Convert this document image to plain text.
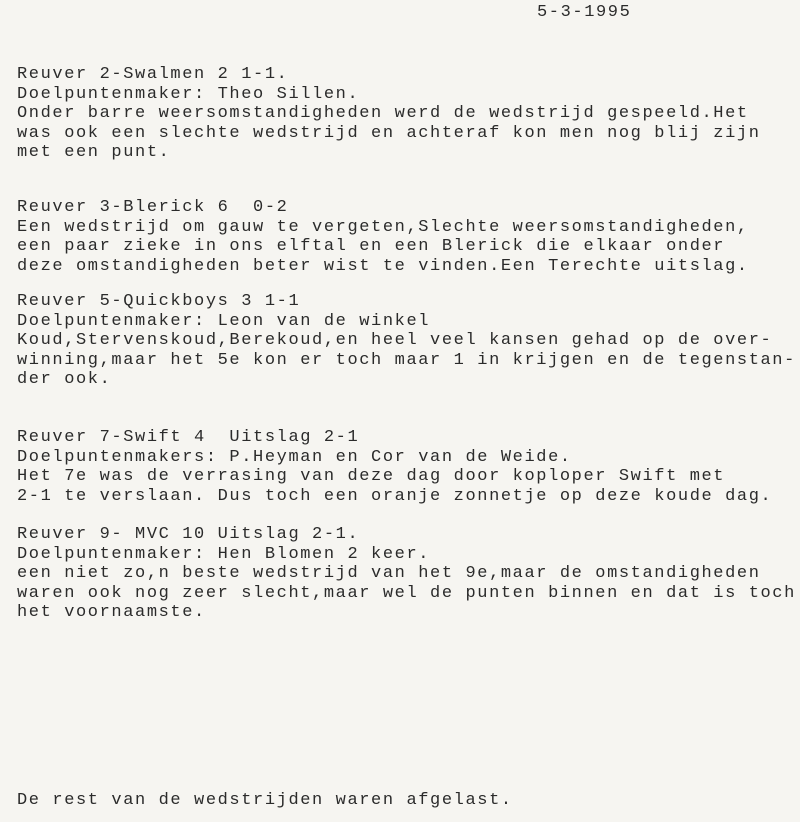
5-3-1995
Reuver 2-Swalmen 2 1-1.
Doelpuntenmaker: Theo Sillen.
Onder barre weersomstandigheden werd de wedstrijd gespeeld.Het
was ook een slechte wedstrijd en achteraf kon men nog blij zijn
met een punt.
Reuver 3-Blerick 6  0-2
Een wedstrijd om gauw te vergeten,Slechte weersomstandigheden,
een paar zieke in ons elftal en een Blerick die elkaar onder
deze omstandigheden beter wist te vinden.Een Terechte uitslag.
Reuver 5-Quickboys 3 1-1
Doelpuntenmaker: Leon van de winkel
Koud,Stervenskoud,Berekoud,en heel veel kansen gehad op de over-
winning,maar het 5e kon er toch maar 1 in krijgen en de tegenstan-
der ook.
Reuver 7-Swift 4  Uitslag 2-1
Doelpuntenmakers: P.Heyman en Cor van de Weide.
Het 7e was de verrasing van deze dag door koploper Swift met
2-1 te verslaan. Dus toch een oranje zonnetje op deze koude dag.
Reuver 9- MVC 10 Uitslag 2-1.
Doelpuntenmaker: Hen Blomen 2 keer.
een niet zo,n beste wedstrijd van het 9e,maar de omstandigheden
waren ook nog zeer slecht,maar wel de punten binnen en dat is toch
het voornaamste.
De rest van de wedstrijden waren afgelast.
